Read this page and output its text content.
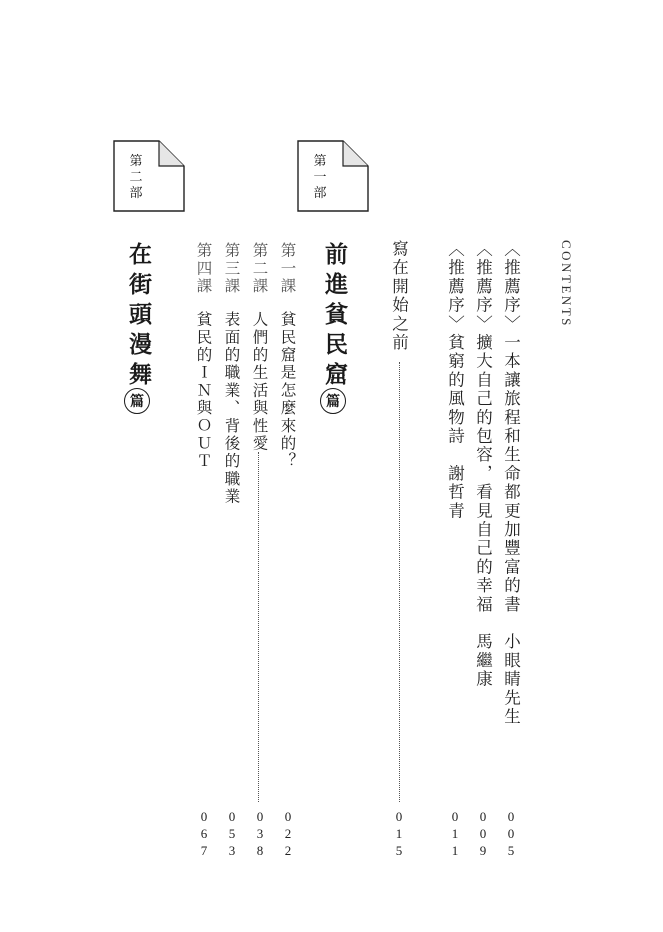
CONTENTS
〈推薦序〉一本讓旅程和生命都更加豐富的書　小眼睛先生
0
0
5
〈推薦序〉擴大自己的包容，看見自己的幸福　馬繼康
0
0
9
〈推薦序〉貧窮的風物詩　謝哲青
0
1
1
寫在開始之前
0
1
5
第
一
部
前進貧民窟
篇
第一課貧民窟是怎麼來的？
0
2
2
第二課人們的生活與性愛
0
3
8
第三課表面的職業、背後的職業
0
5
3
第四課貧民的ＩＮ與ＯＵＴ
0
6
7
第
二
部
在街頭漫舞
篇
